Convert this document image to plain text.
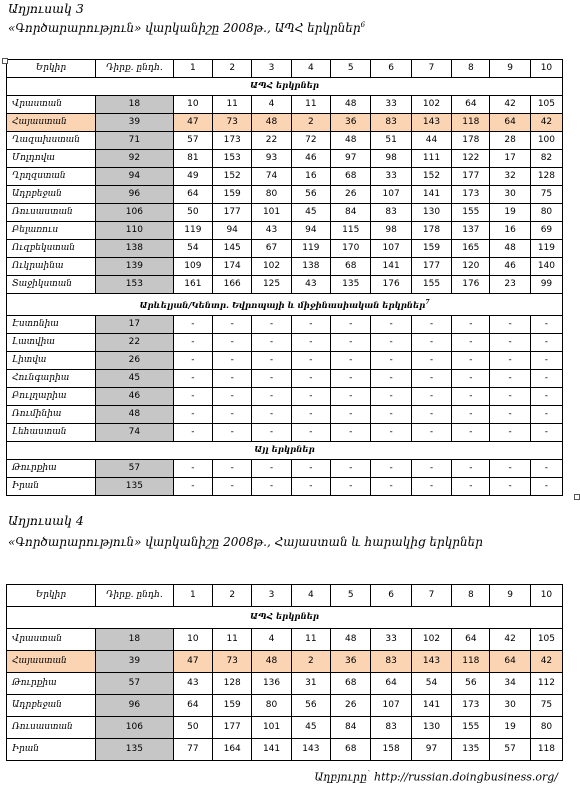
Աղյուսակ 3
«Գործարարություն» վարկանիշը 2008թ., ԱՊՀ երկրներ$^6$
Երկիր	Դիրք. ընդհ.	1	2	3	4	5	6	7	8	9	10
ԱՊՀ երկրներ											
Վրաստան	18	10	11	4	11	48	33	102	64	42	105
Հայաստան	39	47	73	48	2	36	83	143	118	64	42
Ղազախստան	71	57	173	22	72	48	51	44	178	28	100
Մոլդովա	92	81	153	93	46	97	98	111	122	17	82
Ղրղզստան	94	49	152	74	16	68	33	152	177	32	128
Ադրբեջան	96	64	159	80	56	26	107	141	173	30	75
Ռուսաստան	106	50	177	101	45	84	83	130	155	19	80
Բելառուս	110	119	94	43	94	115	98	178	137	16	69
Ուզբեկստան	138	54	145	67	119	170	107	159	165	48	119
Ուկրաինա	139	109	174	102	138	68	141	177	120	46	140
Տաջիկստան	153	161	166	125	43	135	176	155	176	23	99
Արևելյան/Կենտր. Եվրոպայի և միջինասիական երկրներ$^7$
Էստոնիա	17	-	-	-	-	-	-	-	-	-	-
Լատվիա	22	-	-	-	-	-	-	-	-	-	-
Լիտվա	26	-	-	-	-	-	-	-	-	-	-
Հունգարիա	45	-	-	-	-	-	-	-	-	-	-
Բուլղարիա	46	-	-	-	-	-	-	-	-	-	-
Ռումինիա	48	-	-	-	-	-	-	-	-	-	-
Լեհաստան	74	-	-	-	-	-	-	-	-	-	-
Այլ երկրներ											
Թուրքիա	57	-	-	-	-	-	-	-	-	-	-
Իրան	135	-	-	-	-	-	-	-	-	-	-
Աղյուսակ 4
«Գործարարություն» վարկանիշը 2008թ., Հայաստան և հարակից երկրներ
Երկիր	Դիրք. ընդհ.	1	2	3	4	5	6	7	8	9	10
ԱՊՀ երկրներ											
Վրաստան	18	10	11	4	11	48	33	102	64	42	105
Հայաստան	39	47	73	48	2	36	83	143	118	64	42
Թուրքիա	57	43	128	136	31	68	64	54	56	34	112
Ադրբեջան	96	64	159	80	56	26	107	141	173	30	75
Ռուսաստան	106	50	177	101	45	84	83	130	155	19	80
Իրան	135	77	164	141	143	68	158	97	135	57	118
Աղբյուրը` http://russian.doingbusiness.org/
